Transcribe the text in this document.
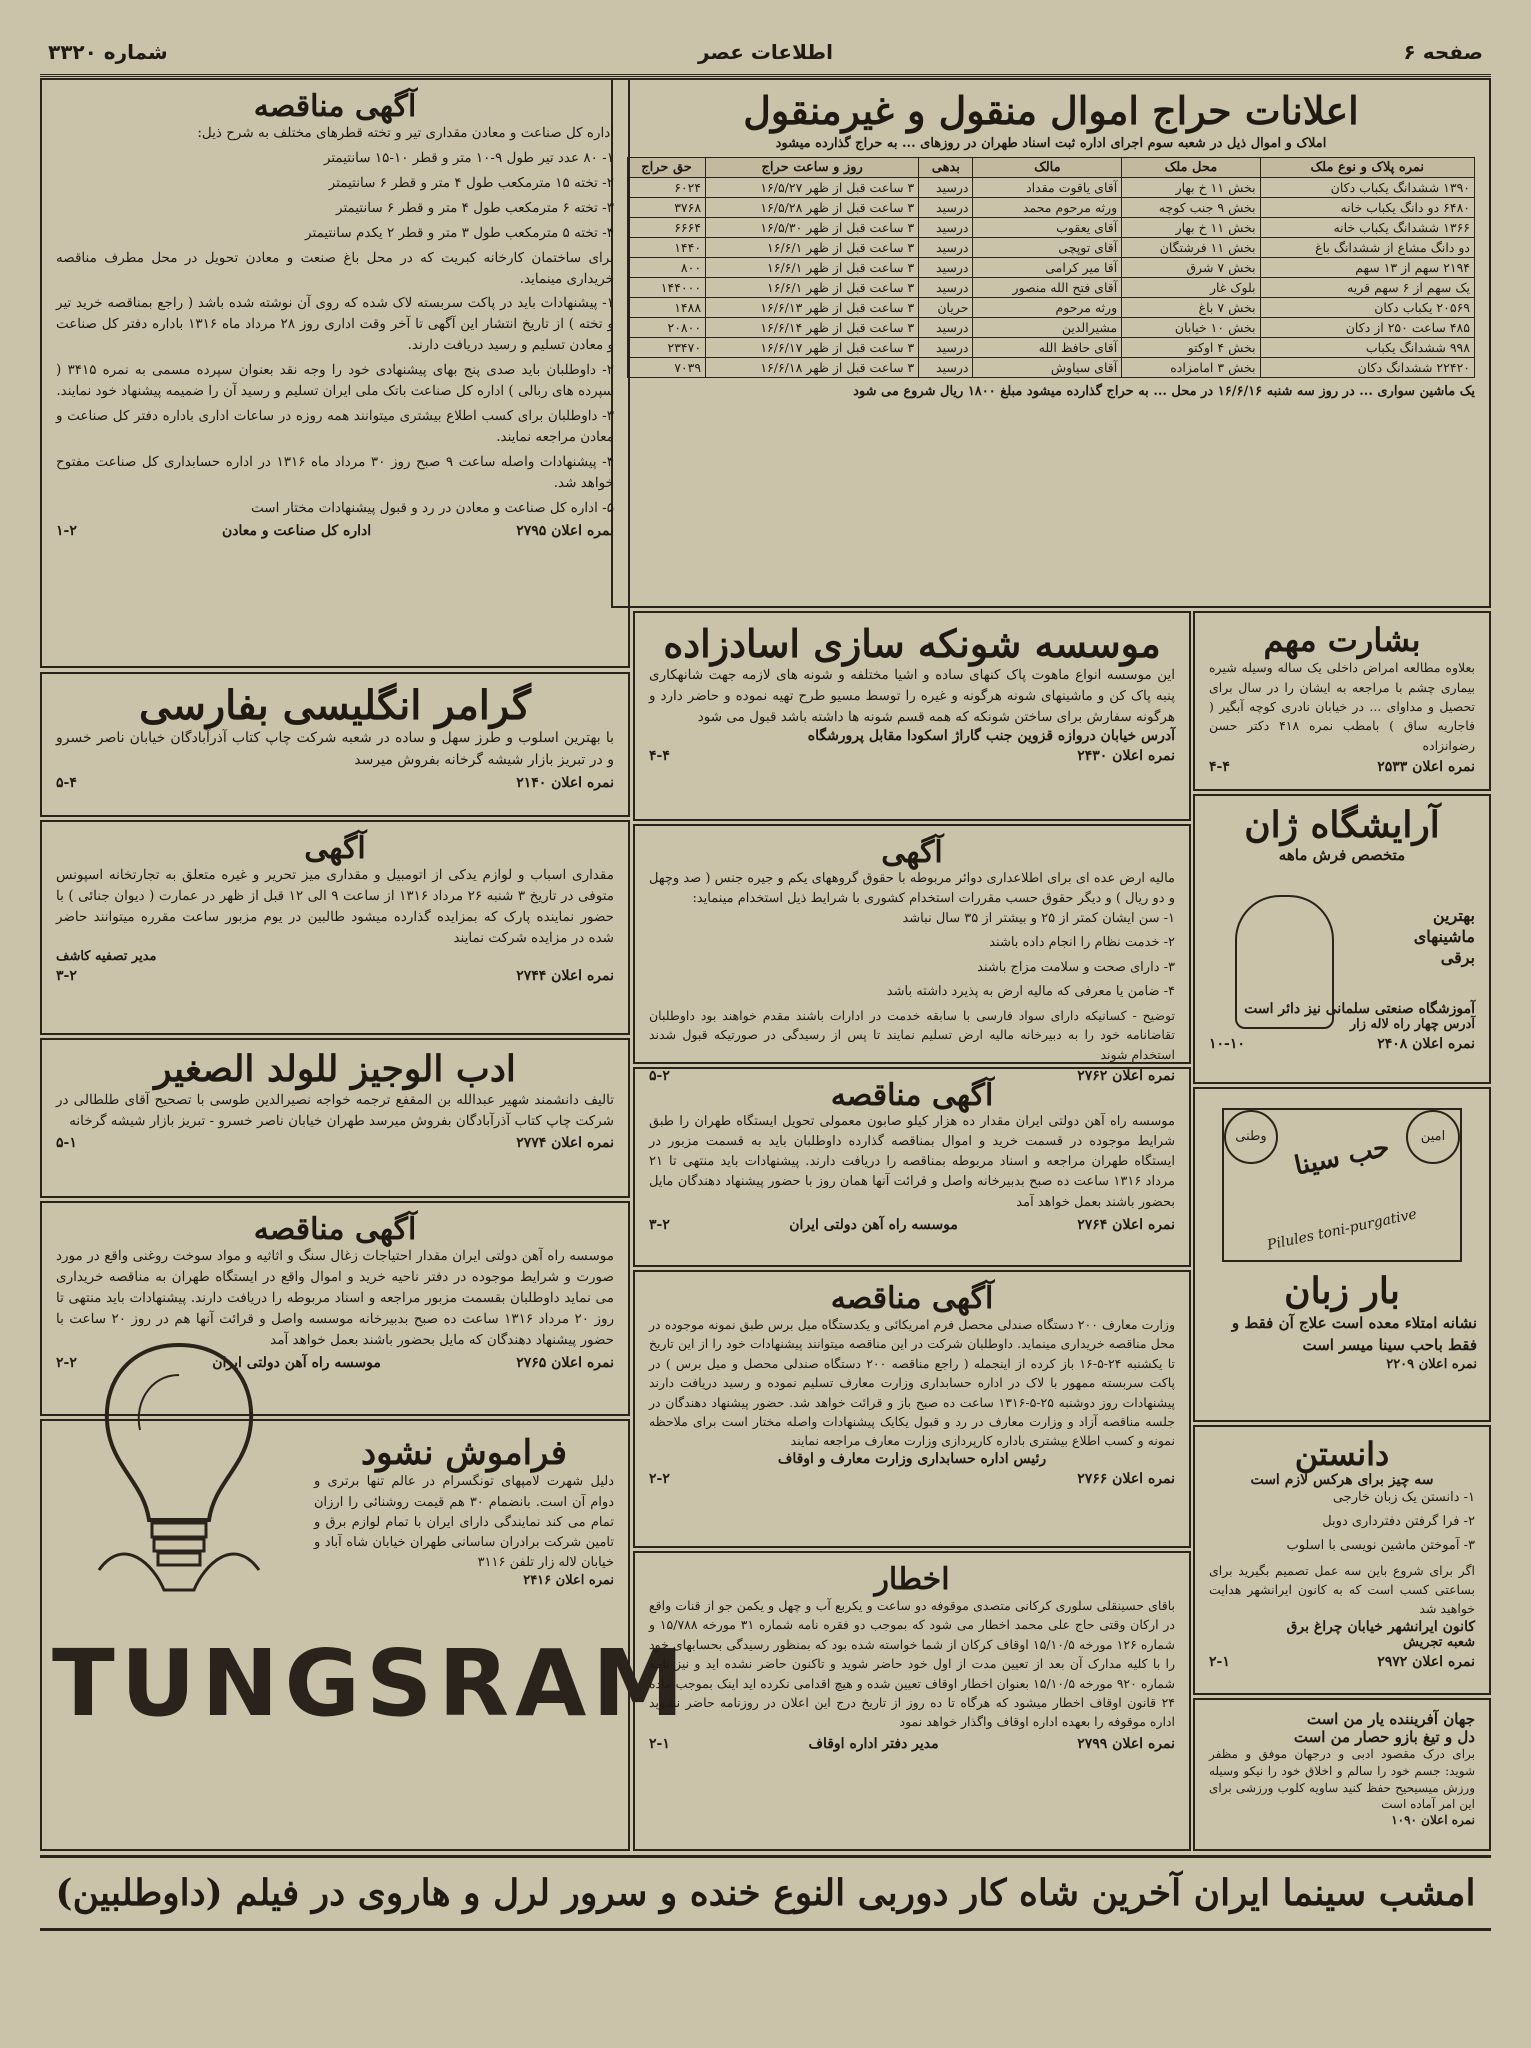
صفحه ۶
اطلاعات عصر
شماره ۳۳۲۰
اعلانات حراج اموال منقول و غیرمنقول
املاک و اموال ذیل در شعبه سوم اجرای اداره ثبت اسناد طهران در روزهای ... به حراج گذارده میشود
نمره پلاک و نوع ملک	محل ملک	مالک	بدهی	روز و ساعت حراج	حق حراج
۱۳۹۰ ششدانگ یکباب دکان	بخش ۱۱ خ بهار	آقای یاقوت مقداد	درسید	۳ ساعت قبل از ظهر ۱۶/۵/۲۷	۶۰۲۴
۶۴۸۰ دو دانگ یکباب خانه	بخش ۹ جنب کوچه	ورثه مرحوم محمد	درسید	۳ ساعت قبل از ظهر ۱۶/۵/۲۸	۳۷۶۸
۱۳۶۶ ششدانگ یکباب خانه	بخش ۱۱ خ بهار	آقای یعقوب	درسید	۳ ساعت قبل از ظهر ۱۶/۵/۳۰	۶۶۶۴
دو دانگ مشاع از ششدانگ باغ	بخش ۱۱ فرشتگان	آقای توپچی	درسید	۳ ساعت قبل از ظهر ۱۶/۶/۱	۱۴۴۰
۲۱۹۴ سهم از ۱۳ سهم	بخش ۷ شرق	آقا میر کرامی	درسید	۳ ساعت قبل از ظهر ۱۶/۶/۱	۸۰۰
یک سهم از ۶ سهم قریه	بلوک غار	آقای فتح الله منصور	درسید	۳ ساعت قبل از ظهر ۱۶/۶/۱	۱۴۴۰۰۰
۲۰۵۶۹ یکباب دکان	بخش ۷ باغ	ورثه مرحوم	حریان	۳ ساعت قبل از ظهر ۱۶/۶/۱۳	۱۴۸۸
۴۸۵ ساعت ۲۵۰ از دکان	بخش ۱۰ خیابان	مشیرالدین	درسید	۳ ساعت قبل از ظهر ۱۶/۶/۱۴	۲۰۸۰۰
۹۹۸ ششدانگ یکباب	بخش ۴ اوکتو	آقای حافظ الله	درسید	۳ ساعت قبل از ظهر ۱۶/۶/۱۷	۲۳۴۷۰
۲۲۴۲۰ ششدانگ دکان	بخش ۳ امامزاده	آقای سیاوش	درسید	۳ ساعت قبل از ظهر ۱۶/۶/۱۸	۷۰۳۹
یک ماشین سواری ... در روز سه شنبه ۱۶/۶/۱۶ در محل ... به حراج گذارده میشود مبلغ ۱۸۰۰ ریال شروع می شود
آگهی مناقصه

اداره کل صناعت و معادن مقداری تیر و تخته قطرهای مختلف به شرح ذیل:

۱- ۸۰ عدد تیر طول ۹-۱۰ متر و قطر ۱۰-۱۵ سانتیمتر

۲- تخته ۱۵ مترمکعب طول ۴ متر و قطر ۶ سانتیمتر

۳- تخته ۶ مترمکعب طول ۴ متر و قطر ۶ سانتیمتر

۴- تخته ۵ مترمکعب طول ۳ متر و قطر ۲ یکدم سانتیمتر

برای ساختمان کارخانه کبریت که در محل باغ صنعت و معادن تحویل در محل مطرف مناقصه خریداری مینماید.

۱- پیشنهادات باید در پاکت سربسته لاک شده که روی آن نوشته شده باشد ( راجع بمناقصه خرید تیر و تخته ) از تاریخ انتشار این آگهی تا آخر وقت اداری روز ۲۸ مرداد ماه ۱۳۱۶ باداره دفتر کل صناعت و معادن تسلیم و رسید دریافت دارند.

۲- داوطلبان باید صدی پنج بهای پیشنهادی خود را وجه نقد بعنوان سپرده مسمی به نمره ۳۴۱۵ ( سپرده های ربالی ) اداره کل صناعت باتک ملی ایران تسلیم و رسید آن را ضمیمه پیشنهاد خود نمایند.

۳- داوطلبان برای کسب اطلاع بیشتری میتوانند همه روزه در ساعات اداری باداره دفتر کل صناعت و معادن مراجعه نمایند.

۴- پیشنهادات واصله ساعت ۹ صبح روز ۳۰ مرداد ماه ۱۳۱۶ در اداره حسابداری کل صناعت مفتوح خواهد شد.

۵- اداره کل صناعت و معادن در رد و قبول پیشنهادات مختار است

نمره اعلان ۲۷۹۵
اداره کل صناعت و معادن
۱-۲
گرامر انگلیسی بفارسی
با بهترین اسلوب و طرز سهل و ساده در شعبه شرکت چاپ کتاب آذرآبادگان خیابان ناصر خسرو و در تبریز بازار شیشه گرخانه بفروش میرسد
نمره اعلان ۲۱۴۰
۵-۴
آگهی
مقداری اسباب و لوازم یدکی از اتومبیل و مقداری میز تحریر و غیره متعلق به تجارتخانه اسپونس متوفی در تاریخ ۳ شنبه ۲۶ مرداد ۱۳۱۶ از ساعت ۹ الی ۱۲ قبل از ظهر در عمارت ( دیوان جنائی ) با حضور نماینده پارک که بمزایده گذارده میشود طالبین در یوم مزبور ساعت مقرره میتوانند حاضر شده در مزایده شرکت نمایند
مدیر تصفیه کاشف
نمره اعلان ۲۷۴۴
۳-۲
ادب الوجیز للولد الصغیر
تالیف دانشمند شهیر عبدالله بن المقفع ترجمه خواجه نصیرالدین طوسی با تصحیح آقای طلطالی در شرکت چاپ کتاب آذرآبادگان بفروش میرسد طهران خیابان ناصر خسرو - تبریز بازار شیشه گرخانه
نمره اعلان ۲۷۷۴
۵-۱
آگهی مناقصه
موسسه راه آهن دولتی ایران مقدار احتیاجات زغال سنگ و اثاثیه و مواد سوخت روغنی واقع در مورد صورت و شرایط موجوده در دفتر ناحیه خرید و اموال واقع در ایستگاه طهران به مناقصه خریداری می نماید داوطلبان بقسمت مزبور مراجعه و اسناد مربوطه را دریافت دارند. پیشنهادات باید منتهی تا روز ۲۰ مرداد ۱۳۱۶ ساعت ده صبح بدبیرخانه موسسه واصل و قرائت آنها هم در روز ۲۰ ساعت با حضور پیشنهاد دهندگان که مایل بحضور باشند بعمل خواهد آمد
نمره اعلان ۲۷۶۵
موسسه راه آهن دولتی ایران
۲-۲
فراموش نشود
دلیل شهرت لامپهای تونگسرام در عالم تنها برتری و دوام آن است. بانضمام ۳۰ هم قیمت روشنائی را ارزان تمام می کند نمایندگی دارای ایران با تمام لوازم برق و تامین شرکت برادران ساسانی طهران خیابان شاه آباد و خیابان لاله زار تلفن ۳۱۱۶
نمره اعلان ۲۴۱۶
TUNGSRAM
موسسه شونکه سازی اسادزاده
این موسسه انواع ماهوت پاک کنهای ساده و اشیا مختلفه و شونه های لازمه جهت شانهکاری پنبه پاک کن و ماشینهای شونه هرگونه و غیره را توسط مسیو طرح تهیه نموده و حاضر دارد و هرگونه سفارش برای ساختن شونکه که همه قسم شونه ها داشته باشد قبول می شود
آدرس خیابان دروازه قزوین جنب گاراژ اسکودا مقابل پرورشگاه
نمره اعلان ۲۴۳۰
۴-۴
آگهی
مالیه ارض عده ای برای اطلاعداری دوائر مربوطه با حقوق گروههای یکم و جیره جنس ( صد وچهل و دو ریال ) و دیگر حقوق حسب مقررات استخدام کشوری با شرایط ذیل استخدام مینماید:

۱- سن ایشان کمتر از ۲۵ و بیشتر از ۳۵ سال نباشد

۲- خدمت نظام را انجام داده باشند

۳- دارای صحت و سلامت مزاج باشند

۴- ضامن یا معرفی که مالیه ارض به پذیرد داشته باشد

توضیح - کسانیکه دارای سواد فارسی با سابقه خدمت در ادارات باشند مقدم خواهند بود داوطلبان تقاضانامه خود را به دبیرخانه مالیه ارض تسلیم نمایند تا پس از رسیدگی در صورتیکه قبول شدند استخدام شوند
نمره اعلان ۲۷۶۲
۵-۲
آگهی مناقصه
موسسه راه آهن دولتی ایران مقدار ده هزار کیلو صابون معمولی تحویل ایستگاه طهران را طبق شرایط موجوده در قسمت خرید و اموال بمناقصه گذارده داوطلبان باید به قسمت مزبور در ایستگاه طهران مراجعه و اسناد مربوطه بمناقصه را دریافت دارند. پیشنهادات باید منتهی تا ۲۱ مرداد ۱۳۱۶ ساعت ده صبح بدبیرخانه واصل و قرائت آنها همان روز با حضور پیشنهاد دهندگان مایل بحضور باشند بعمل خواهد آمد
نمره اعلان ۲۷۶۴
موسسه راه آهن دولتی ایران
۳-۲
آگهی مناقصه
وزارت معارف ۲۰۰ دستگاه صندلی محصل فرم امریکائی و یکدستگاه میل برس طبق نمونه موجوده در محل مناقصه خریداری مینماید. داوطلبان شرکت در این مناقصه میتوانند پیشنهادات خود را از این تاریخ تا یکشنبه ۲۴-۵-۱۶ باز کرده از اینجمله ( راجع مناقصه ۲۰۰ دستگاه صندلی محصل و میل برس ) در پاکت سربسته ممهور با لاک در اداره حسابداری وزارت معارف تسلیم نموده و رسید دریافت دارند پیشنهادات روز دوشنبه ۲۵-۵-۱۳۱۶ ساعت ده صبح باز و قرائت خواهد شد. حضور پیشنهاد دهندگان در جلسه مناقصه آزاد و وزارت معارف در رد و قبول یکایک پیشنهادات واصله مختار است برای ملاحظه نمونه و کسب اطلاع بیشتری باداره کارپردازی وزارت معارف مراجعه نمایند
رئیس اداره حسابداری وزارت معارف و اوقاف
نمره اعلان ۲۷۶۶
۲-۲
اخطار
باقای حسینقلی سلوری کرکانی متصدی موقوفه دو ساعت و یکربع آب و چهل و یکمن جو از قنات واقع در ارکان وقتی حاج علی محمد اخطار می شود که بموجب دو فقره نامه شماره ۳۱ مورخه ۱۵/۷۸۸ و شماره ۱۲۶ مورخه ۱۵/۱۰/۵ اوقاف کرکان از شما خواسته شده بود که بمنظور رسیدگی بحسابهای خود را با کلیه مدارک آن بعد از تعیین مدت از اول خود حاضر شوید و تاکنون حاضر نشده اید و نیز نامه شماره ۹۲۰ مورخه ۱۵/۱۰/۵ بعنوان اخطار اوقاف تعیین شده و هیچ اقدامی نکرده اید اینک بموجب ماده ۲۴ قانون اوقاف اخطار میشود که هرگاه تا ده روز از تاریخ درج این اعلان در روزنامه حاضر نشوید اداره موقوفه را بعهده اداره اوقاف واگذار خواهد نمود
نمره اعلان ۲۷۹۹
مدیر دفتر اداره اوقاف
۲-۱
بشارت مهم
بعلاوه مطالعه امراض داخلی یک ساله وسیله شیره بیماری چشم با مراجعه به ایشان را در سال برای تحصیل و مداوای ... در خیابان نادری کوچه آبگیر ( فاجاریه ساق ) بامطب نمره ۴۱۸ دکتر حسن رضوانزاده
نمره اعلان ۲۵۳۳
۴-۴
آرایشگاه ژان
متخصص فرش ماهه
بهترین ماشینهای برقی
آموزشگاه صنعتی سلمانی نیز دائر است
آدرس چهار راه لاله زار
نمره اعلان ۲۴۰۸
۱۰-۱۰
وطنی	امین
حب سینا
Pilules toni-purgative
بار زبان
نشانه امتلاء معده است علاج آن فقط و فقط باحب سینا میسر است
نمره اعلان ۲۲۰۹
دانستن
سه چیز برای هرکس لازم است

۱- دانستن یک زبان خارجی

۲- فرا گرفتن دفترداری دوبل

۳- آموختن ماشین نویسی با اسلوب

اگر برای شروع باین سه عمل تصمیم بگیرید برای بساعتی کسب است که به کانون ایرانشهر هدایت خواهید شد
کانون ایرانشهر خیابان چراغ برق
شعبه تجریش
نمره اعلان ۲۹۷۲
۲-۱
جهان آفریننده یار من است
دل و تیغ بازو حصار من است
برای درک مقصود ادبی و درجهان موفق و مظفر شوید: جسم خود را سالم و اخلاق خود را نیکو وسیله ورزش میسیحیح حفظ کنید ساویه کلوب ورزشی برای این امر آماده است
نمره اعلان ۱۰۹۰
امشب سینما ایران آخرین شاه کار دوربی النوع خنده و سرور لرل و هاروی در فیلم (داوطلبین)
